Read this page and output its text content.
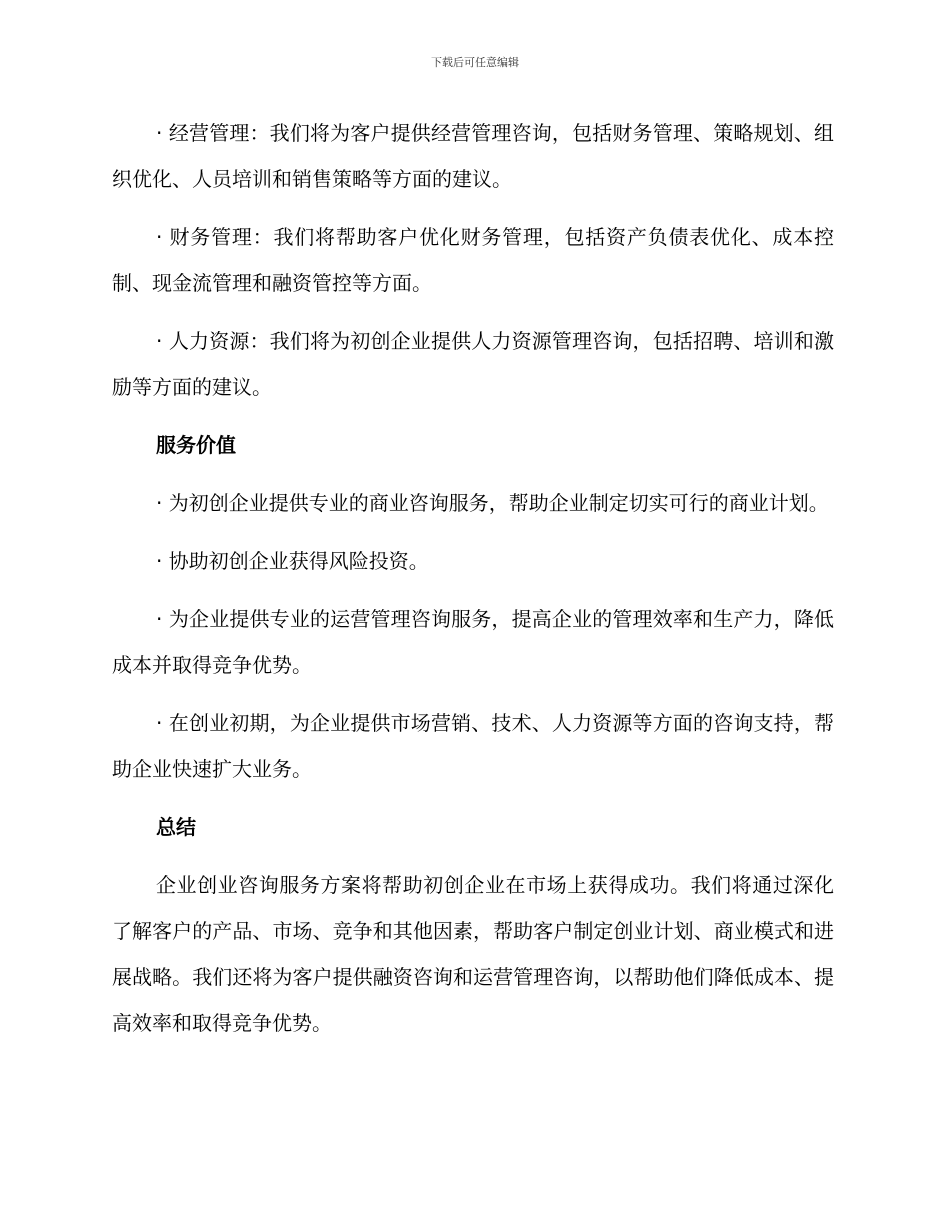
下载后可任意编辑

· 经营管理：我们将为客户提供经营管理咨询，包括财务管理、策略规划、组织优化、人员培训和销售策略等方面的建议。

· 财务管理：我们将帮助客户优化财务管理，包括资产负债表优化、成本控制、现金流管理和融资管控等方面。

· 人力资源：我们将为初创企业提供人力资源管理咨询，包括招聘、培训和激励等方面的建议。

服务价值

· 为初创企业提供专业的商业咨询服务，帮助企业制定切实可行的商业计划。

· 协助初创企业获得风险投资。

· 为企业提供专业的运营管理咨询服务，提高企业的管理效率和生产力，降低成本并取得竞争优势。

· 在创业初期，为企业提供市场营销、技术、人力资源等方面的咨询支持，帮助企业快速扩大业务。

总结

企业创业咨询服务方案将帮助初创企业在市场上获得成功。我们将通过深化了解客户的产品、市场、竞争和其他因素，帮助客户制定创业计划、商业模式和进展战略。我们还将为客户提供融资咨询和运营管理咨询，以帮助他们降低成本、提高效率和取得竞争优势。
